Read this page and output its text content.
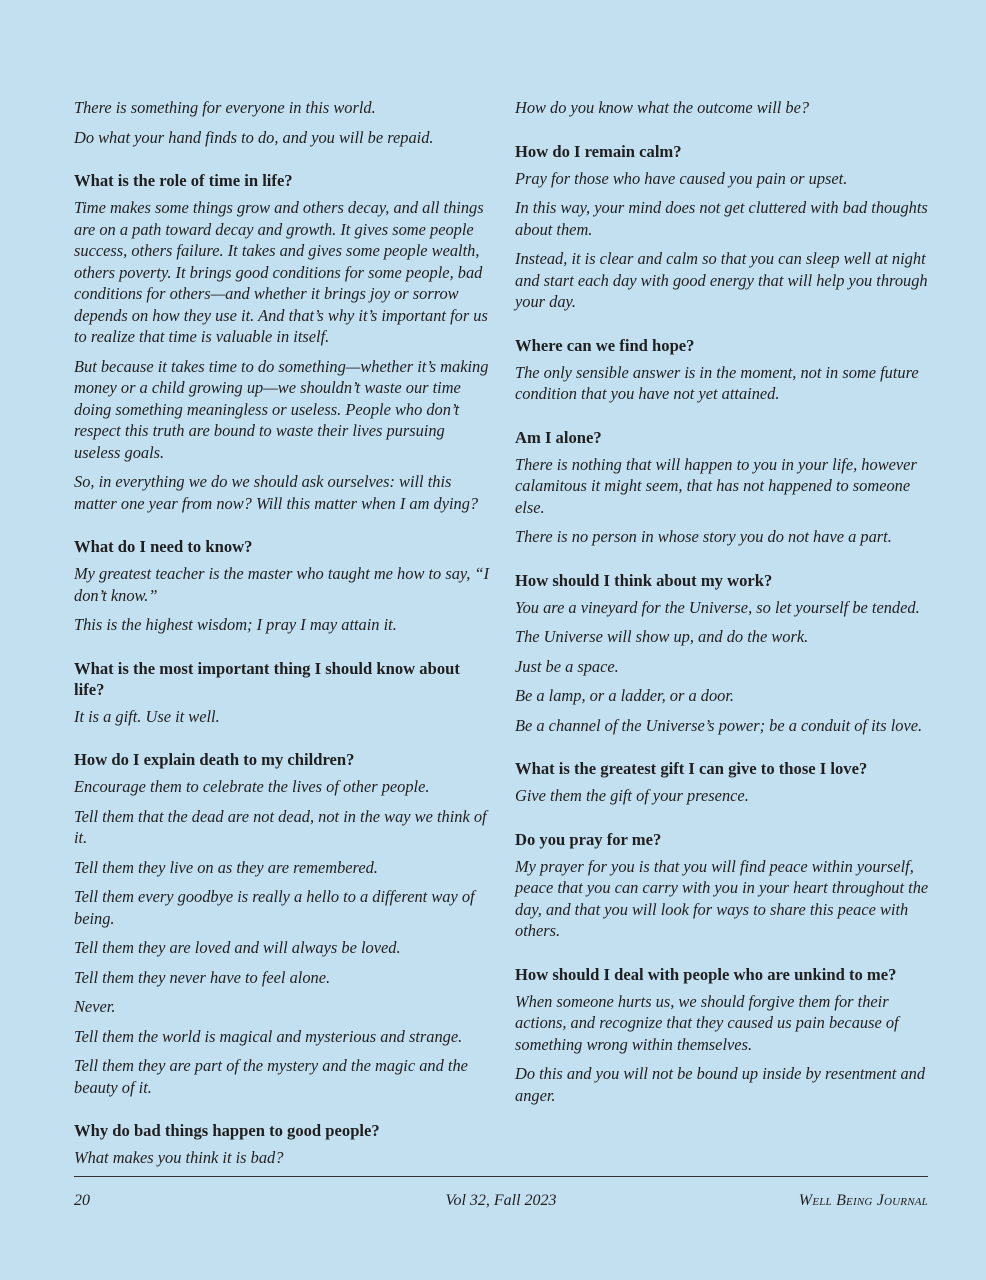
There is something for everyone in this world.

Do what your hand finds to do, and you will be repaid.

What is the role of time in life?

Time makes some things grow and others decay, and all things are on a path toward decay and growth. It gives some people success, others failure. It takes and gives some people wealth, others poverty. It brings good conditions for some people, bad conditions for others—and whether it brings joy or sorrow depends on how they use it. And that’s why it’s important for us to realize that time is valuable in itself.

But because it takes time to do something—whether it’s making money or a child growing up—we shouldn’t waste our time doing something meaningless or useless. People who don’t respect this truth are bound to waste their lives pursuing useless goals.

So, in everything we do we should ask ourselves: will this matter one year from now? Will this matter when I am dying?

What do I need to know?

My greatest teacher is the master who taught me how to say, “I don’t know.”

This is the highest wisdom; I pray I may attain it.

What is the most important thing I should know about life?

It is a gift. Use it well.

How do I explain death to my children?

Encourage them to celebrate the lives of other people.

Tell them that the dead are not dead, not in the way we think of it.

Tell them they live on as they are remembered.

Tell them every goodbye is really a hello to a different way of being.

Tell them they are loved and will always be loved.

Tell them they never have to feel alone.

Never.

Tell them the world is magical and mysterious and strange.

Tell them they are part of the mystery and the magic and the beauty of it.

Why do bad things happen to good people?

What makes you think it is bad?

How do you know what the outcome will be?

How do I remain calm?

Pray for those who have caused you pain or upset.

In this way, your mind does not get cluttered with bad thoughts about them.

Instead, it is clear and calm so that you can sleep well at night and start each day with good energy that will help you through your day.

Where can we find hope?

The only sensible answer is in the moment, not in some future condition that you have not yet attained.

Am I alone?

There is nothing that will happen to you in your life, however calamitous it might seem, that has not happened to someone else.

There is no person in whose story you do not have a part.

How should I think about my work?

You are a vineyard for the Universe, so let yourself be tended.

The Universe will show up, and do the work.

Just be a space.

Be a lamp, or a ladder, or a door.

Be a channel of the Universe’s power; be a conduit of its love.

What is the greatest gift I can give to those I love?

Give them the gift of your presence.

Do you pray for me?

My prayer for you is that you will find peace within yourself, peace that you can carry with you in your heart throughout the day, and that you will look for ways to share this peace with others.

How should I deal with people who are unkind to me?

When someone hurts us, we should forgive them for their actions, and recognize that they caused us pain because of something wrong within themselves.

Do this and you will not be bound up inside by resentment and anger.

20	Vol 32, Fall 2023	Well Being Journal
